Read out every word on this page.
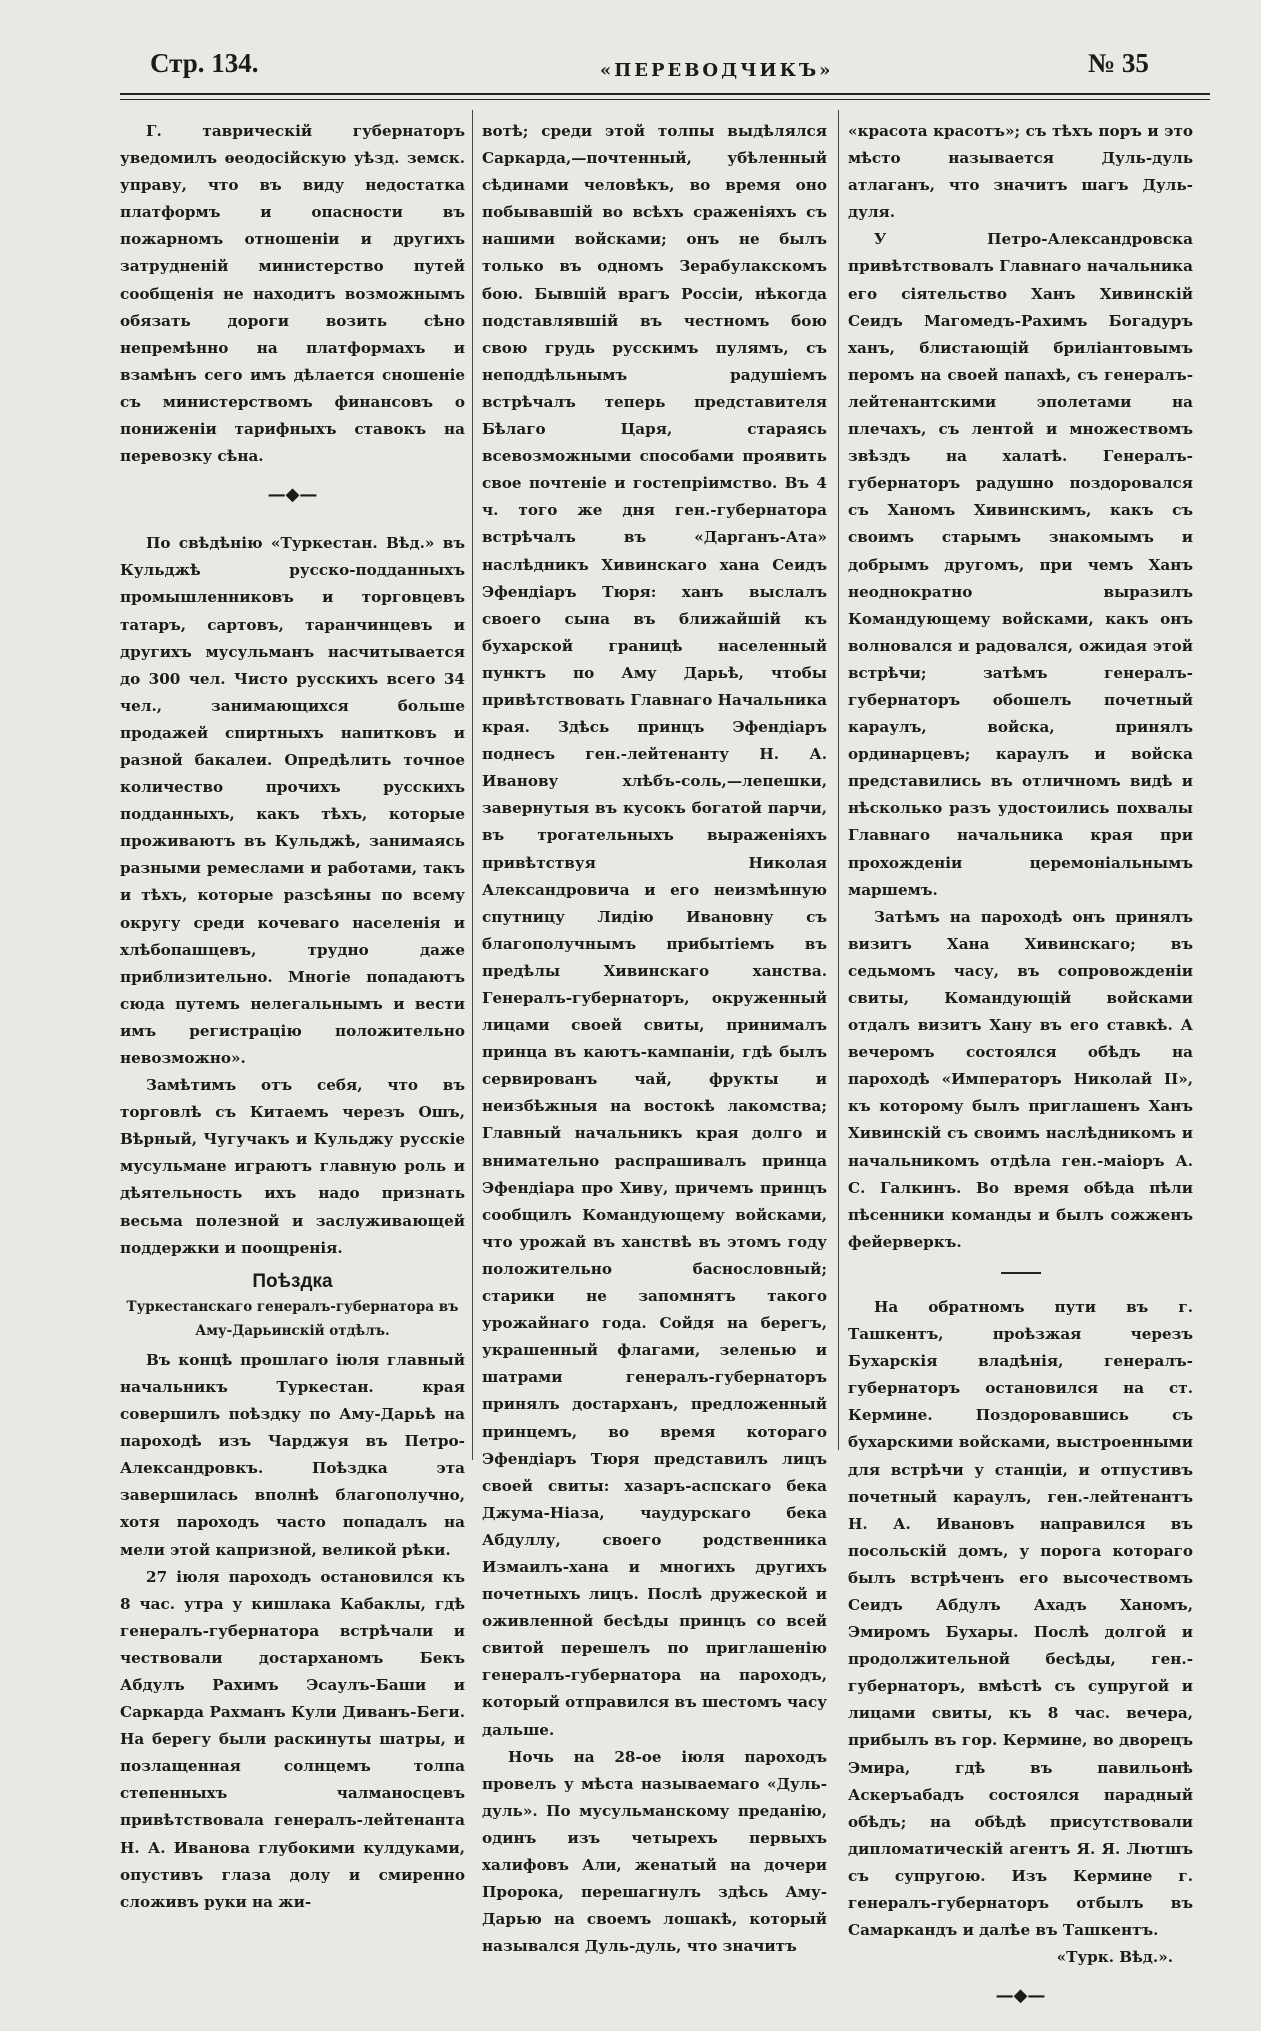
Стр. 134.	«ПЕРЕВОДЧИКЪ»	№ 35

Г. таврическій губернаторъ уведомилъ ѳеодосійскую уѣзд. земск. управу, что въ виду недостатка платформъ и опасности въ пожарномъ отношеніи и другихъ затрудненій министерство путей сообщенія не находитъ возможнымъ обязать дороги возить сѣно непремѣнно на платформахъ и взамѣнъ сего имъ дѣлается сношеніе съ министерствомъ финансовъ о пониженіи тарифныхъ ставокъ на перевозку сѣна.

—◆—

По свѣдѣнію «Туркестан. Вѣд.» въ Кульджѣ русско-подданныхъ промышленниковъ и торговцевъ татаръ, сартовъ, таранчинцевъ и другихъ мусульманъ насчитывается до 300 чел. Чисто русскихъ всего 34 чел., занимающихся больше продажей спиртныхъ напитковъ и разной бакалеи. Опредѣлить точное количество прочихъ русскихъ подданныхъ, какъ тѣхъ, которые проживаютъ въ Кульджѣ, занимаясь разными ремеслами и работами, такъ и тѣхъ, которые разсѣяны по всему округу среди кочеваго населенія и хлѣбопашцевъ, трудно даже приблизительно. Многіе попадаютъ сюда путемъ нелегальнымъ и вести имъ регистрацію положительно невозможно».

Замѣтимъ отъ себя, что въ торговлѣ съ Китаемъ черезъ Ошъ, Вѣрный, Чугучакъ и Кульджу русскіе мусульмане играютъ главную роль и дѣятельность ихъ надо признать весьма полезной и заслуживающей поддержки и поощренія.

Поѣздка
Туркестанскаго генералъ-губернатора въ Аму-Дарьинскій отдѣлъ.

Въ концѣ прошлаго іюля главный начальникъ Туркестан. края совершилъ поѣздку по Аму-Дарьѣ на пароходѣ изъ Чарджуя въ Петро-Александровкъ. Поѣздка эта завершилась вполнѣ благополучно, хотя пароходъ часто попадалъ на мели этой капризной, великой рѣки.

27 іюля пароходъ остановился къ 8 час. утра у кишлака Кабаклы, гдѣ генералъ-губернатора встрѣчали и чествовали достарханомъ Бекъ Абдулъ Рахимъ Эсаулъ-Баши и Саркарда Рахманъ Кули Диванъ-Беги. На берегу были раскинуты шатры, и позлащенная солнцемъ толпа степенныхъ чалманосцевъ привѣтствовала генералъ-лейтенанта Н. А. Иванова глубокими кулдуками, опустивъ глаза долу и смиренно сложивъ руки на жи-

вотѣ; среди этой толпы выдѣлялся Саркарда,—почтенный, убѣленный сѣдинами человѣкъ, во время оно побывавшій во всѣхъ сраженіяхъ съ нашими войсками; онъ не былъ только въ одномъ Зерабулакскомъ бою. Бывшій врагъ Россіи, нѣкогда подставлявшій въ честномъ бою свою грудь русскимъ пулямъ, съ неподдѣльнымъ радушіемъ встрѣчалъ теперь представителя Бѣлаго Царя, стараясь всевозможными способами проявить свое почтеніе и гостепріимство. Въ 4 ч. того же дня ген.-губернатора встрѣчалъ въ «Дарганъ-Ата» наслѣдникъ Хивинскаго хана Сеидъ Эфендіаръ Тюря: ханъ выслалъ своего сына въ ближайшій къ бухарской границѣ населенный пунктъ по Аму Дарьѣ, чтобы привѣтствовать Главнаго Начальника края. Здѣсь принцъ Эфендіаръ поднесъ ген.-лейтенанту Н. А. Иванову хлѣбъ-соль,—лепешки, завернутыя въ кусокъ богатой парчи, въ трогательныхъ выраженіяхъ привѣтствуя Николая Александровича и его неизмѣнную спутницу Лидію Ивановну съ благополучнымъ прибытіемъ въ предѣлы Хивинскаго ханства. Генералъ-губернаторъ, окруженный лицами своей свиты, принималъ принца въ каютъ-кампаніи, гдѣ былъ сервированъ чай, фрукты и неизбѣжныя на востокѣ лакомства; Главный начальникъ края долго и внимательно распрашивалъ принца Эфендіара про Хиву, причемъ принцъ сообщилъ Командующему войсками, что урожай въ ханствѣ въ этомъ году положительно баснословный; старики не запомнятъ такого урожайнаго года. Сойдя на берегъ, украшенный флагами, зеленью и шатрами генералъ-губернаторъ принялъ достарханъ, предложенный принцемъ, во время котораго Эфендіаръ Тюря представилъ лицъ своей свиты: хазаръ-аспскаго бека Джума-Ніаза, чаудурскаго бека Абдуллу, своего родственника Измаилъ-хана и многихъ другихъ почетныхъ лицъ. Послѣ дружеской и оживленной бесѣды принцъ со всей свитой перешелъ по приглашенію генералъ-губернатора на пароходъ, который отправился въ шестомъ часу дальше.

Ночь на 28-ое іюля пароходъ провелъ у мѣста называемаго «Дуль-дуль». По мусульманскому преданію, одинъ изъ четырехъ первыхъ халифовъ Али, женатый на дочери Пророка, перешагнулъ здѣсь Аму-Дарью на своемъ лошакѣ, который назывался Дуль-дуль, что значитъ

«красота красотъ»; съ тѣхъ поръ и это мѣсто называется Дуль-дуль атлаганъ, что значитъ шагъ Дуль-дуля.

У Петро-Александровска привѣтствовалъ Главнаго начальника его сіятельство Ханъ Хивинскій Сеидъ Магомедъ-Рахимъ Богадуръ ханъ, блистающій бриліантовымъ перомъ на своей папахѣ, съ генералъ-лейтенантскими эполетами на плечахъ, съ лентой и множествомъ звѣздъ на халатѣ. Генералъ-губернаторъ радушно поздоровался съ Ханомъ Хивинскимъ, какъ съ своимъ старымъ знакомымъ и добрымъ другомъ, при чемъ Ханъ неоднократно выразилъ Командующему войсками, какъ онъ волновался и радовался, ожидая этой встрѣчи; затѣмъ генералъ-губернаторъ обошелъ почетный караулъ, войска, принялъ ординарцевъ; караулъ и войска представились въ отличномъ видѣ и нѣсколько разъ удостоились похвалы Главнаго начальника края при прохожденіи церемоніальнымъ маршемъ.

Затѣмъ на пароходѣ онъ принялъ визитъ Хана Хивинскаго; въ седьмомъ часу, въ сопровожденіи свиты, Командующій войсками отдалъ визитъ Хану въ его ставкѣ. А вечеромъ состоялся обѣдъ на пароходѣ «Императоръ Николай II», къ которому былъ приглашенъ Ханъ Хивинскій съ своимъ наслѣдникомъ и начальникомъ отдѣла ген.-маіоръ А. С. Галкинъ. Во время обѣда пѣли пѣсенники команды и былъ сожженъ фейерверкъ.

На обратномъ пути въ г. Ташкентъ, проѣзжая черезъ Бухарскія владѣнія, генералъ-губернаторъ остановился на ст. Кермине. Поздоровавшись съ бухарскими войсками, выстроенными для встрѣчи у станціи, и отпустивъ почетный караулъ, ген.-лейтенантъ Н. А. Ивановъ направился въ посольскій домъ, у порога котораго былъ встрѣченъ его высочествомъ Сеидъ Абдулъ Ахадъ Ханомъ, Эмиромъ Бухары. Послѣ долгой и продолжительной бесѣды, ген.-губернаторъ, вмѣстѣ съ супругой и лицами свиты, къ 8 час. вечера, прибылъ въ гор. Кермине, во дворецъ Эмира, гдѣ въ павильонѣ Аскеръабадъ состоялся парадный обѣдъ; на обѣдѣ присутствовали дипломатическій агентъ Я. Я. Лютшъ съ супругою. Изъ Кермине г. генералъ-губернаторъ отбылъ въ Самаркандъ и далѣе въ Ташкентъ.

«Турк. Вѣд.».
—◆—
